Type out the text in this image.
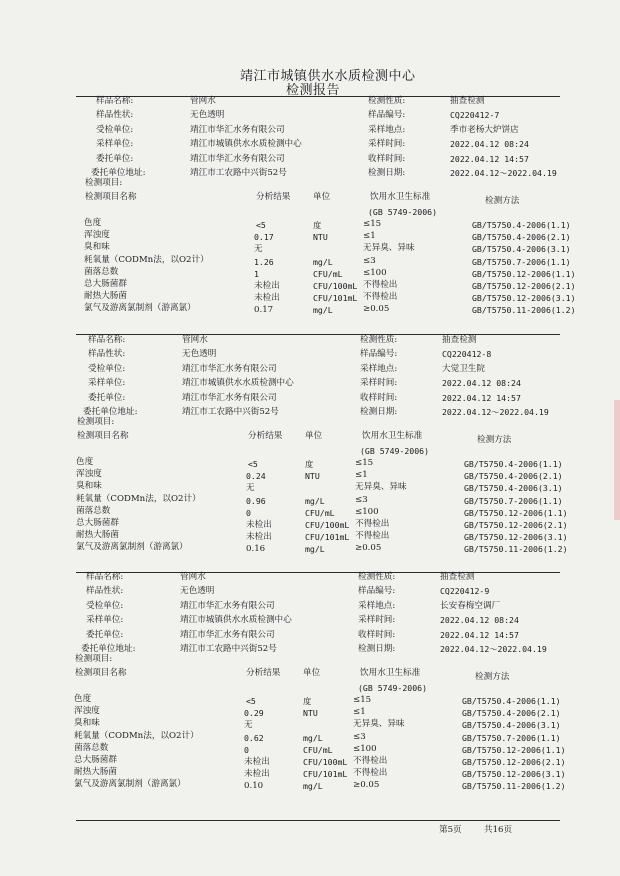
靖江市城镇供水水质检测中心
检测报告
样品名称:	管网水
样品性状:	无色透明
受检单位:	靖江市华汇水务有限公司
采样单位:	靖江市城镇供水水质检测中心
委托单位:	靖江市华汇水务有限公司
委托单位地址:	靖江市工农路中兴街52号
检测项目:
检测性质:	抽查检测
样品编号:	CQ220412-7
采样地点:	季市老杨大炉饼店
采样时间:	2022.04.12 08:24
收样时间:	2022.04.12 14:57
检测日期:	2022.04.12～2022.04.19
检测项目名称	分析结果	单位	饮用水卫生标准
(GB 5749-2006)
检测方法
色度	<5	度	≤15	GB/T5750.4-2006(1.1)
浑浊度	0.17	NTU	≤1	GB/T5750.4-2006(2.1)
臭和味	无	无异臭、异味	GB/T5750.4-2006(3.1)
耗氧量（CODMn法，以O2计）	1.26	mg/L	≤3	GB/T5750.7-2006(1.1)
菌落总数	1	CFU/mL ≤100	GB/T5750.12-2006(1.1)
总大肠菌群	未检出	CFU/100mL 不得检出	GB/T5750.12-2006(2.1)
耐热大肠菌	未检出	CFU/101mL 不得检出	GB/T5750.12-2006(3.1)
氯气及游离氯制剂（游离氯）	0.17	mg/L	≥0.05	GB/T5750.11-2006(1.2)
样品名称:	管网水
样品性状:	无色透明
受检单位:	靖江市华汇水务有限公司
采样单位:	靖江市城镇供水水质检测中心
委托单位:	靖江市华汇水务有限公司
委托单位地址:	靖江市工农路中兴街52号
检测项目:
检测性质:	抽查检测
样品编号:	CQ220412-8
采样地点:	大觉卫生院
采样时间:	2022.04.12 08:24
收样时间:	2022.04.12 14:57
检测日期:	2022.04.12～2022.04.19
检测项目名称	分析结果	单位	饮用水卫生标准
(GB 5749-2006)
检测方法
色度	<5	度	≤15	GB/T5750.4-2006(1.1)
浑浊度	0.24	NTU	≤1	GB/T5750.4-2006(2.1)
臭和味	无	无异臭、异味	GB/T5750.4-2006(3.1)
耗氧量（CODMn法，以O2计）	0.96	mg/L	≤3	GB/T5750.7-2006(1.1)
菌落总数	0	CFU/mL ≤100	GB/T5750.12-2006(1.1)
总大肠菌群	未检出	CFU/100mL 不得检出	GB/T5750.12-2006(2.1)
耐热大肠菌	未检出	CFU/101mL 不得检出	GB/T5750.12-2006(3.1)
氯气及游离氯制剂（游离氯）	0.16	mg/L	≥0.05	GB/T5750.11-2006(1.2)
样品名称:	管网水
样品性状:	无色透明
受检单位:	靖江市华汇水务有限公司
采样单位:	靖江市城镇供水水质检测中心
委托单位:	靖江市华汇水务有限公司
委托单位地址:	靖江市工农路中兴街52号
检测项目:
检测性质:	抽查检测
样品编号:	CQ220412-9
采样地点:	长安春梅空调厂
采样时间:	2022.04.12 08:24
收样时间:	2022.04.12 14:57
检测日期:	2022.04.12～2022.04.19
检测项目名称	分析结果	单位	饮用水卫生标准
(GB 5749-2006)
检测方法
色度	<5	度	≤15	GB/T5750.4-2006(1.1)
浑浊度	0.29	NTU	≤1	GB/T5750.4-2006(2.1)
臭和味	无	无异臭、异味	GB/T5750.4-2006(3.1)
耗氧量（CODMn法，以O2计）	0.62	mg/L	≤3	GB/T5750.7-2006(1.1)
菌落总数	0	CFU/mL ≤100	GB/T5750.12-2006(1.1)
总大肠菌群	未检出	CFU/100mL 不得检出	GB/T5750.12-2006(2.1)
耐热大肠菌	未检出	CFU/101mL 不得检出	GB/T5750.12-2006(3.1)
氯气及游离氯制剂（游离氯）	0.10	mg/L	≥0.05	GB/T5750.11-2006(1.2)
第5页	共16页
